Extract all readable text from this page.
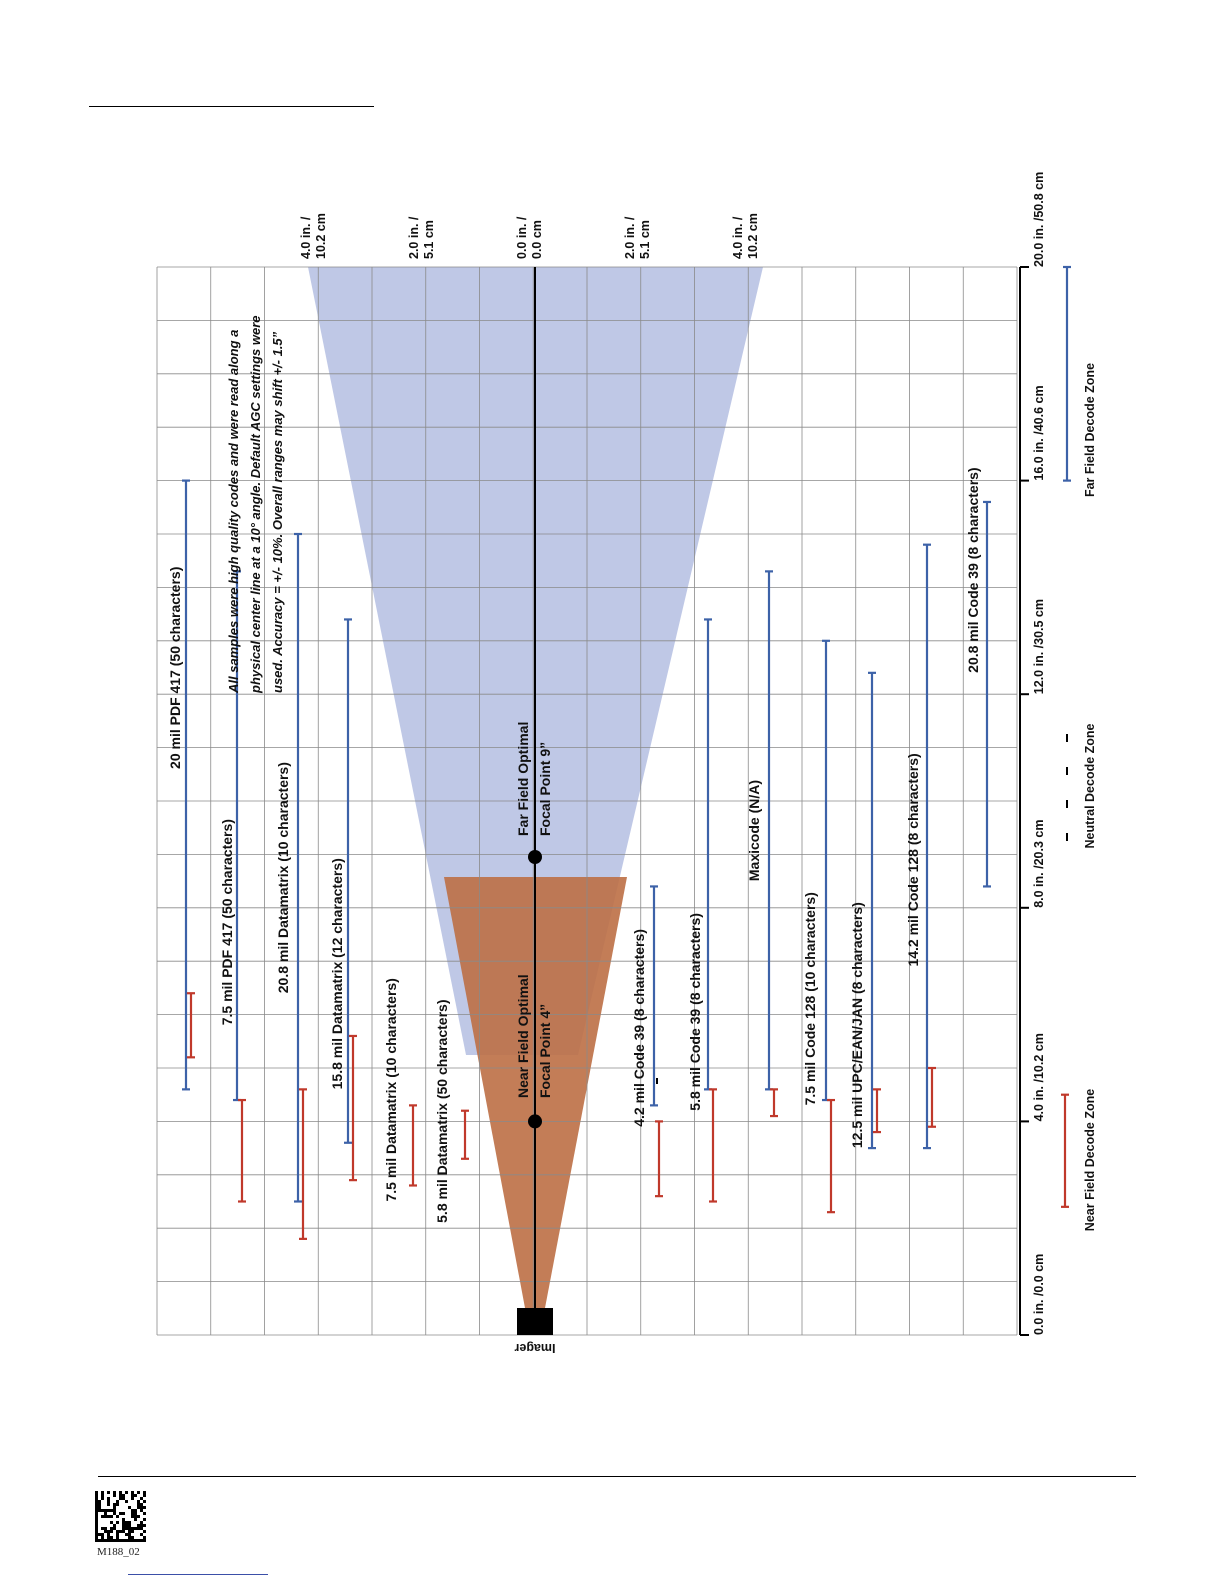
Imager
20 mil PDF 417 (50 characters)
7.5 mil PDF 417 (50 characters)	20.8 mil Datamatrix (10 characters)	15.8 mil Datamatrix (12 characters)
7.5 mil Datamatrix (10 characters)	5.8 mil Datamatrix (50 characters)	4.2 mil Code 39 (8 characters)	5.8 mil Code 39 (8 characters)
Maxicode (N/A)
7.5 mil Code 128 (10 characters) 12.5 mil UPC/EAN/JAN (8 characters)
14.2 mil Code 128 (8 characters)
20.8 mil Code 39 (8 characters)
0.0 in. /0.0 cm
4.0 in. /10.2 cm
8.0 in. /20.3 cm
12.0 in. /30.5 cm
16.0 in. /40.6 cm
20.0 in. /50.8 cm
4.0 in. / 10.2 cm	2.0 in. / 5.1 cm	0.0 in. / 0.0 cm	2.0 in. / 5.1 cm	4.0 in. / 10.2 cm
Near Field Decode Zone
Neutral Decode Zone
Far Field Decode Zone
All samples were high quality codes and were read along a physical center line at a 10° angle. Default AGC settings were used. Accuracy = +/- 10%. Overall ranges may shift +/- 1.5”
Near Field Optimal Focal Point 4”
Far Field Optimal Focal Point 9”
M188_02
